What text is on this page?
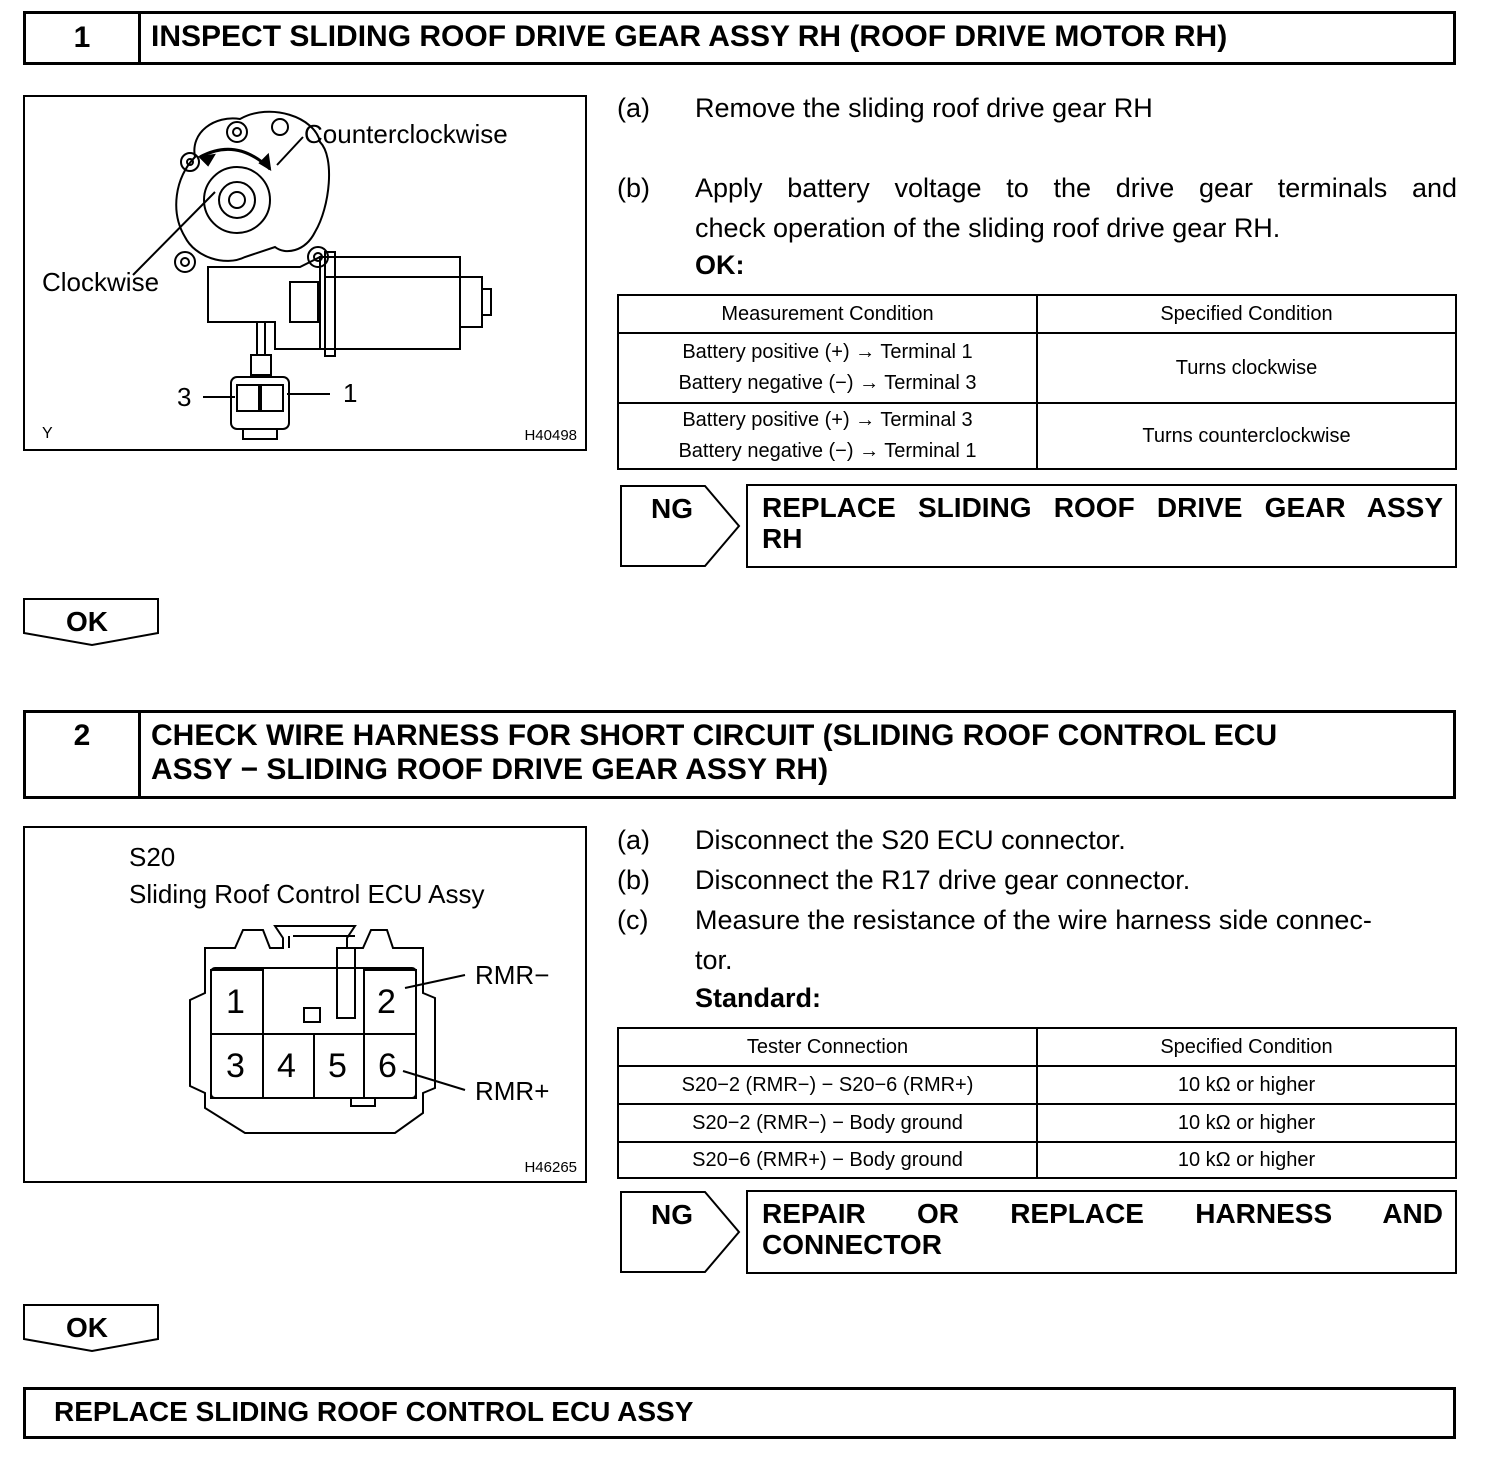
1	INSPECT SLIDING ROOF DRIVE GEAR ASSY RH (ROOF DRIVE MOTOR RH)
Counterclockwise
Clockwise
3	1
Y	H40498
(a) Remove the sliding roof drive gear RH
(b) Apply battery voltage to the drive gear terminals and
check operation of the sliding roof drive gear RH.
OK:
Measurement Condition	Specified Condition

Battery positive (+) → Terminal 1
Battery negative (−) → Terminal 3	Turns clockwise

Battery positive (+) → Terminal 3
Battery negative (−) → Terminal 1	Turns counterclockwise
NG REPLACE SLIDING ROOF DRIVE GEAR ASSY
RH
OK
2 CHECK WIRE HARNESS FOR SHORT CIRCUIT (SLIDING ROOF CONTROL ECU
ASSY − SLIDING ROOF DRIVE GEAR ASSY RH)
S20
Sliding Roof Control ECU Assy
1	2
3 4 5 6
RMR−
RMR+
H46265
(a) Disconnect the S20 ECU connector.
(b) Disconnect the R17 drive gear connector.
(c) Measure the resistance of the wire harness side connec-
tor.
Standard:
Tester Connection	Specified Condition
S20−2 (RMR−) − S20−6 (RMR+)	10 kΩ or higher
S20−2 (RMR−) − Body ground	10 kΩ or higher
S20−6 (RMR+) − Body ground	10 kΩ or higher
NG REPAIR OR REPLACE HARNESS AND
CONNECTOR
OK
REPLACE SLIDING ROOF CONTROL ECU ASSY
